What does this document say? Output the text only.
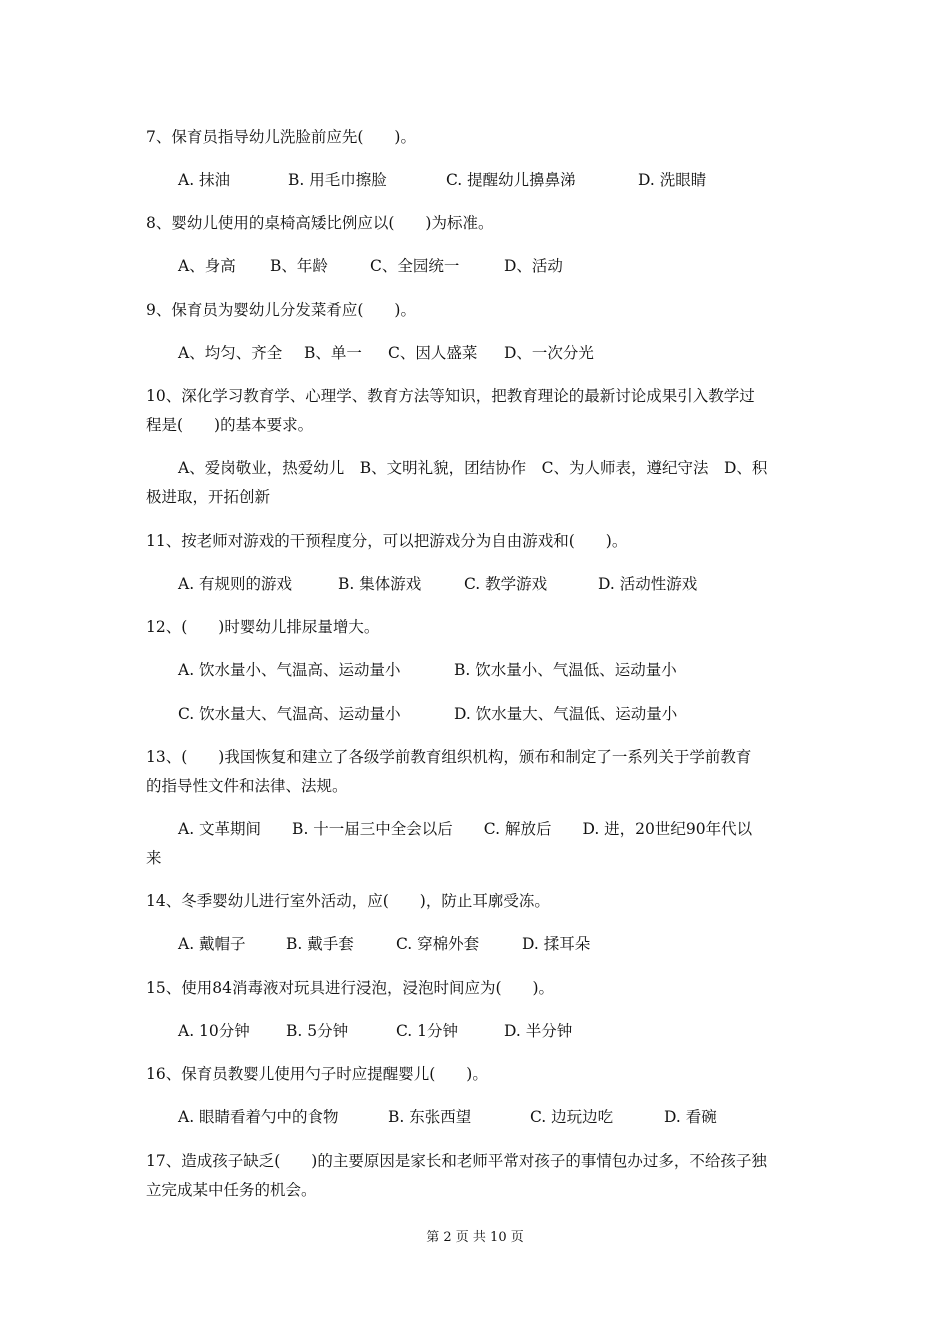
7、保育员指导幼儿洗脸前应先(　　)。
A. 抹油	B. 用毛巾擦脸	C. 提醒幼儿擤鼻涕	D. 洗眼睛
8、婴幼儿使用的桌椅高矮比例应以(　　)为标准。
A、身高 B、年龄	C、全园统一	D、活动
9、保育员为婴幼儿分发菜肴应(　　)。
A、均匀、齐全 B、单一 C、因人盛菜 D、一次分光
10、深化学习教育学、心理学、教育方法等知识，把教育理论的最新讨论成果引入教学过
程是(　　)的基本要求。
A、爱岗敬业，热爱幼儿　B、文明礼貌，团结协作　C、为人师表，遵纪守法　D、积
极进取，开拓创新
11、按老师对游戏的干预程度分，可以把游戏分为自由游戏和(　　)。
A. 有规则的游戏	B. 集体游戏	C. 教学游戏	D. 活动性游戏
12、(　　)时婴幼儿排尿量增大。
A. 饮水量小、气温高、运动量小	B. 饮水量小、气温低、运动量小
C. 饮水量大、气温高、运动量小	D. 饮水量大、气温低、运动量小
13、(　　)我国恢复和建立了各级学前教育组织机构，颁布和制定了一系列关于学前教育
的指导性文件和法律、法规。
A. 文革期间　　B. 十一届三中全会以后　　C. 解放后　　D. 进，20世纪90年代以
来
14、冬季婴幼儿进行室外活动，应(　　)，防止耳廓受冻。
A. 戴帽子	B. 戴手套	C. 穿棉外套	D. 揉耳朵
15、使用84消毒液对玩具进行浸泡，浸泡时间应为(　　)。
A. 10分钟 B. 5分钟	C. 1分钟	D. 半分钟
16、保育员教婴儿使用勺子时应提醒婴儿(　　)。
A. 眼睛看着勺中的食物	B. 东张西望	C. 边玩边吃	D. 看碗
17、造成孩子缺乏(　　)的主要原因是家长和老师平常对孩子的事情包办过多，不给孩子独
立完成某中任务的机会。
第 2 页 共 10 页
